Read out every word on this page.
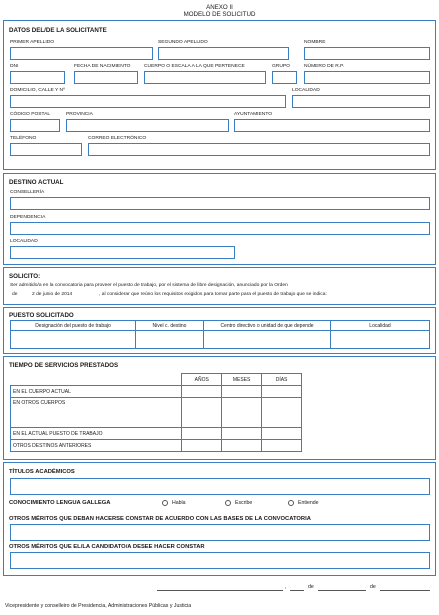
ANEXO II
MODELO DE SOLICITUD
DATOS DEL/DE LA SOLICITANTE
PRIMER APELLIDO	SEGUNDO APELLIDO	NOMBRE
DNI	FECHA DE NACIMIENTO	CUERPO O ESCALA A LA QUE PERTENECE	GRUPO	NÚMERO DE R.P.
DOMICILIO, CALLE Y Nº	LOCALIDAD
CÓDIGO POSTAL	PROVINCIA	AYUNTAMIENTO
TELÉFONO	CORREO ELECTRÓNICO
DESTINO ACTUAL
CONSELLERÍA
DEPENDENCIA
LOCALIDAD
SOLICITO:
Ser admitido/a en la convocatoria para proveer el puesto de trabajo, por el sistema de libre designación, anunciado por la Orden
de	2 de junio de 2014	, al considerar que reúno los requisitos exigidos para tomar parte para el puesto de trabajo que se indica:
PUESTO SOLICITADO
Designación del puesto de trabajo	Nivel c. destino	Centro directivo o unidad de que depende	Localidad

TIEMPO DE SERVICIOS PRESTADOS
	AÑOS	MESES	DÍAS
EN EL CUERPO ACTUAL			
EN OTROS CUERPOS			
EN EL ACTUAL PUESTO DE TRABAJO			
OTROS DESTINOS ANTERIORES			
TÍTULOS ACADÉMICOS
CONOCIMIENTO LENGUA GALLEGA	Habla	Escribe	Entiende
OTROS MÉRITOS QUE DEBAN HACERSE CONSTAR DE ACUERDO CON LAS BASES DE LA CONVOCATORIA
OTROS MÉRITOS QUE EL/LA CANDIDATO/A DESEE HACER CONSTAR
,	de	de
Vicepresidente y conselleiro de Presidencia, Administraciones Públicas y Justicia
